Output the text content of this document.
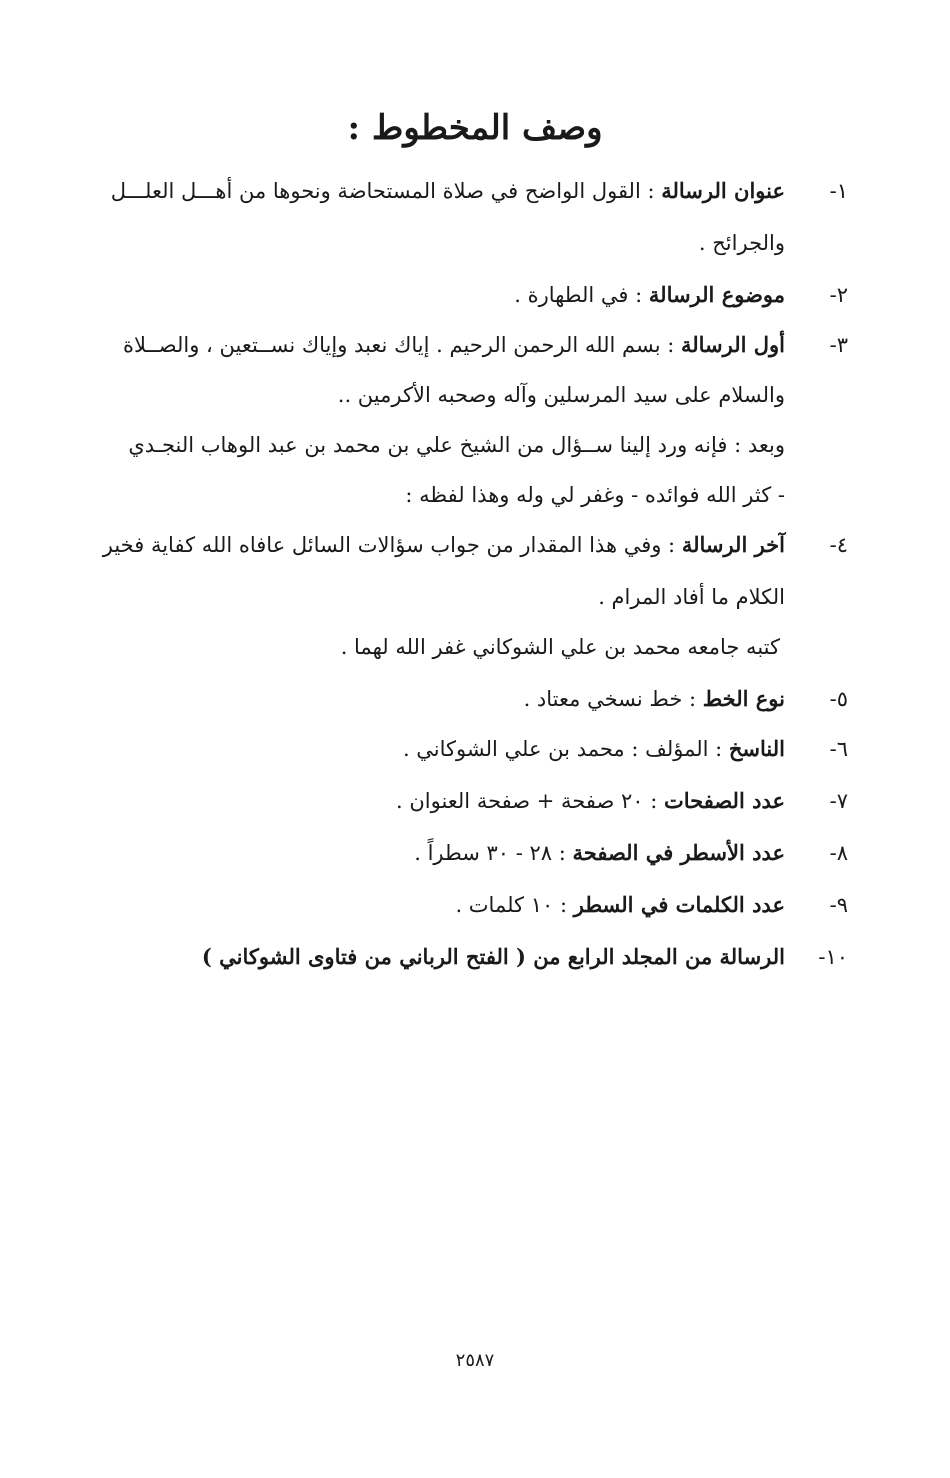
وصف المخطوط :
١-
عنوان الرسالة : القول الواضح في صلاة المستحاضة ونحوها من أهـــل العلـــل
والجرائح .
٢-
موضوع الرسالة : في الطهارة .
٣-
أول الرسالة : بسم الله الرحمن الرحيم . إياك نعبد وإياك نســتعين ، والصــلاة
والسلام على سيد المرسلين وآله وصحبه الأكرمين ..
وبعد : فإنه ورد إلينا ســؤال من الشيخ علي بن محمد بن عبد الوهاب النجـدي
- كثر الله فوائده - وغفر لي وله وهذا لفظه :
٤-
آخر الرسالة : وفي هذا المقدار من جواب سؤالات السائل عافاه الله كفاية فخير
الكلام ما أفاد المرام .
كتبه جامعه محمد بن علي الشوكاني غفر الله لهما .
٥-
نوع الخط : خط نسخي معتاد .
٦-
الناسخ : المؤلف : محمد بن علي الشوكاني .
٧-
عدد الصفحات : ٢٠ صفحة + صفحة العنوان .
٨-
عدد الأسطر في الصفحة : ٢٨ - ٣٠ سطراً .
٩-
عدد الكلمات في السطر : ١٠ كلمات .
١٠-
الرسالة من المجلد الرابع من ( الفتح الرباني من فتاوى الشوكاني )
٢٥٨٧
